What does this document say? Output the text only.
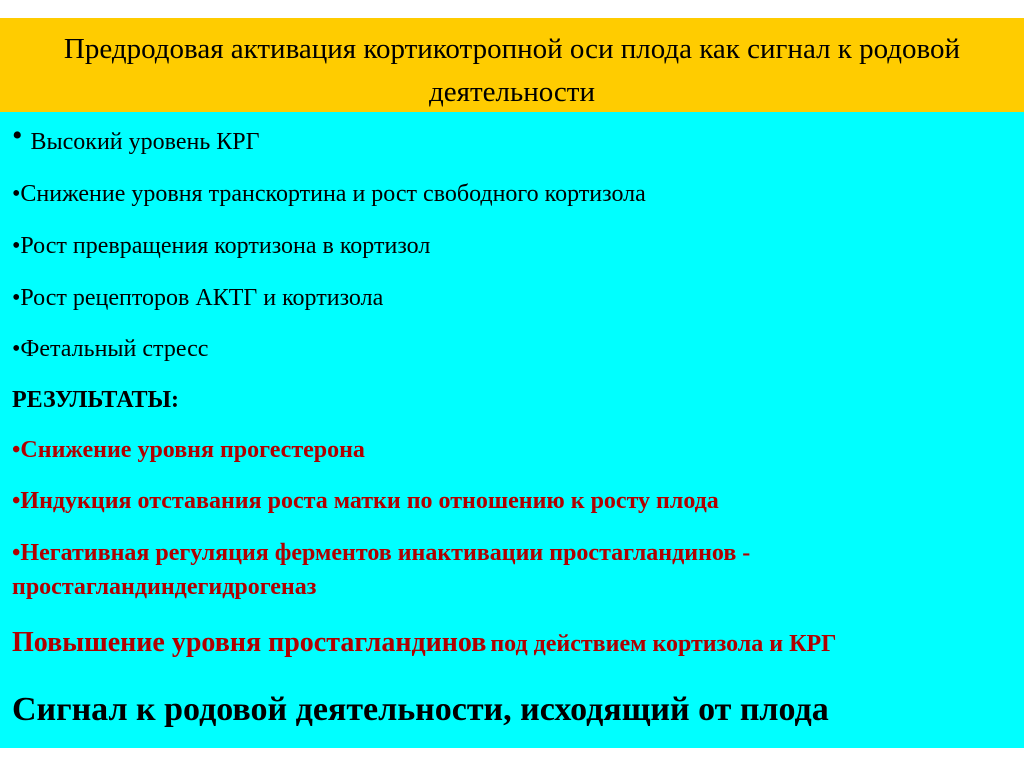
Предродовая активация кортикотропной оси плода как сигнал к родовой деятельности
• Высокий уровень КРГ
•Снижение уровня транскортина и рост свободного кортизола
•Рост превращения кортизона в кортизол
•Рост рецепторов АКТГ и кортизола
•Фетальный стресс
РЕЗУЛЬТАТЫ:
•Снижение уровня прогестерона
•Индукция отставания роста матки по отношению к росту плода
•Негативная регуляция ферментов инактивации простагландинов -
простагландиндегидрогеназ
Повышение уровня простагландинов под действием кортизола и КРГ
Сигнал к родовой деятельности, исходящий от плода
